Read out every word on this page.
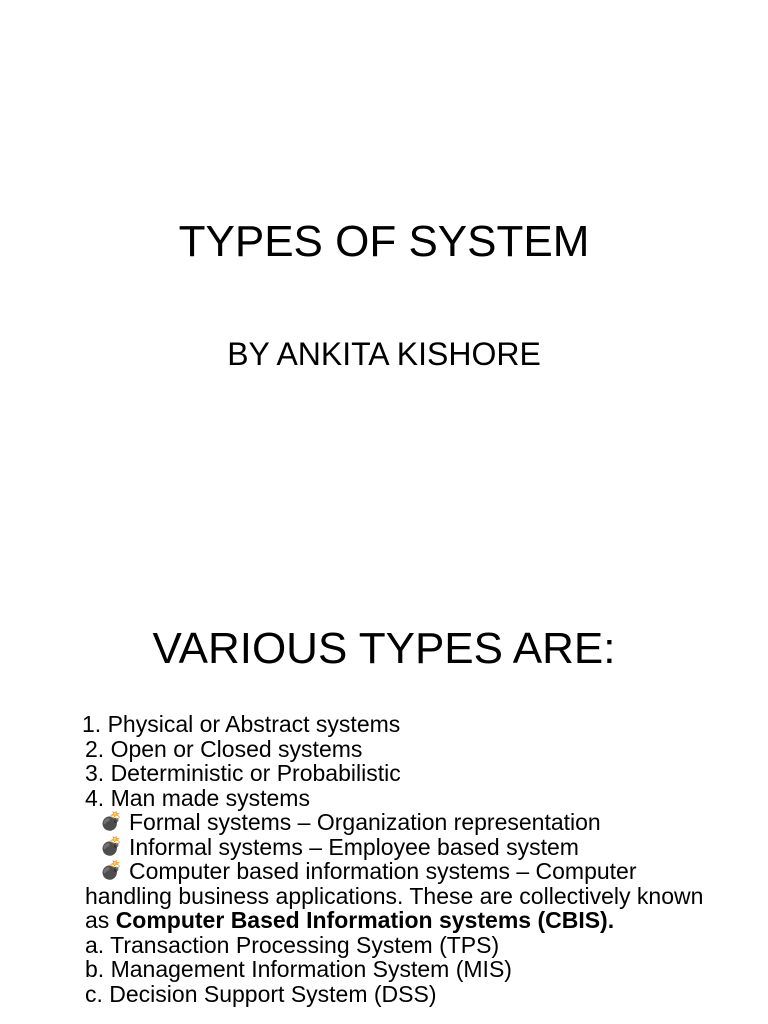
TYPES OF SYSTEM
BY ANKITA KISHORE
VARIOUS TYPES ARE:
1. Physical or Abstract systems
2. Open or Closed systems
3. Deterministic or Probabilistic
4. Man made systems
💣 Formal systems – Organization representation
💣 Informal systems – Employee based system
💣 Computer based information systems – Computer
handling business applications. These are collectively known as Computer Based Information systems (CBIS).
a. Transaction Processing System (TPS)
b. Management Information System (MIS)
c. Decision Support System (DSS)
